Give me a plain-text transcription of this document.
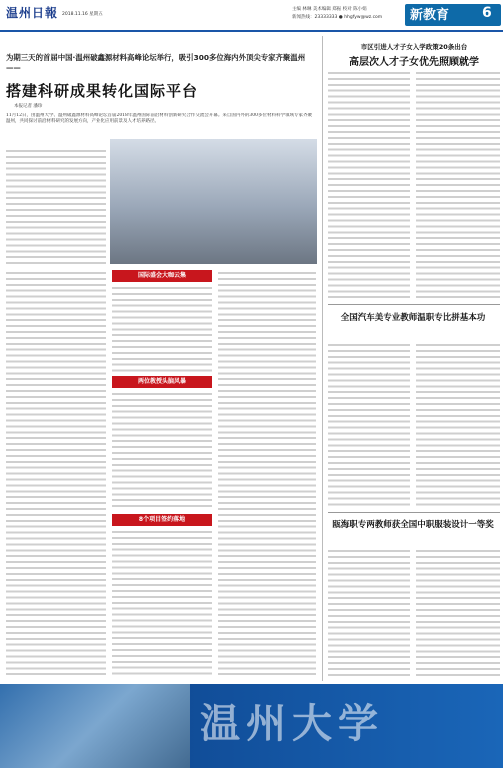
温州日報 2018.11.16 星期五
主编 林琳 美术编辑 郑振 校对 陈小娟
新闻热线：23333333 ● hhgfyw@wz.com 新教育 6
为期三天的首届中国·温州破鑫源材料高峰论坛举行，吸引300多位海内外顶尖专家齐聚温州——
搭建科研成果转化国际平台
本报记者 潘珍
11月12日，由温州大学、温州破鑫源材料高峰论坛首届2018年温州国际前沿材料创新研究合作交流会开幕。来自国内外的300多位材料科学领域专家齐聚温州，共同探讨前沿材料研究的发展方向，产业化应用前景及人才培养路径。
国际盛会大咖云集
两位教授头脑风暴
8个项目签约落地
市区引进人才子女入学政策20条出台
高层次人才子女优先照顾就学
全国汽车美专业教师温职专比拼基本功
瓯海职专两教师获全国中职服装设计一等奖
温州大学
